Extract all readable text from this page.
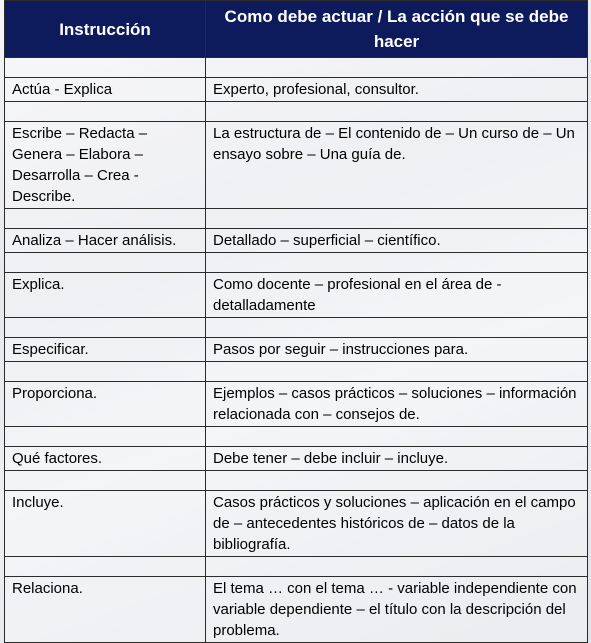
Instrucción	Como debe actuar / La acción que se debe hacer

Actúa - Explica	Experto, profesional, consultor.

Escribe – Redacta – Genera – Elabora – Desarrolla – Crea - Describe.	La estructura de – El contenido de – Un curso de – Un ensayo sobre – Una guía de.

Analiza – Hacer análisis.	Detallado – superficial – científico.

Explica.	Como docente – profesional en el área de - detalladamente

Especificar.	Pasos por seguir – instrucciones para.

Proporciona.	Ejemplos – casos prácticos – soluciones – información relacionada con – consejos de.

Qué factores.	Debe tener – debe incluir – incluye.

Incluye.	Casos prácticos y soluciones – aplicación en el campo de – antecedentes históricos de – datos de la bibliografía.

Relaciona.	El tema … con el tema … - variable independiente con variable dependiente – el título con la descripción del problema.
